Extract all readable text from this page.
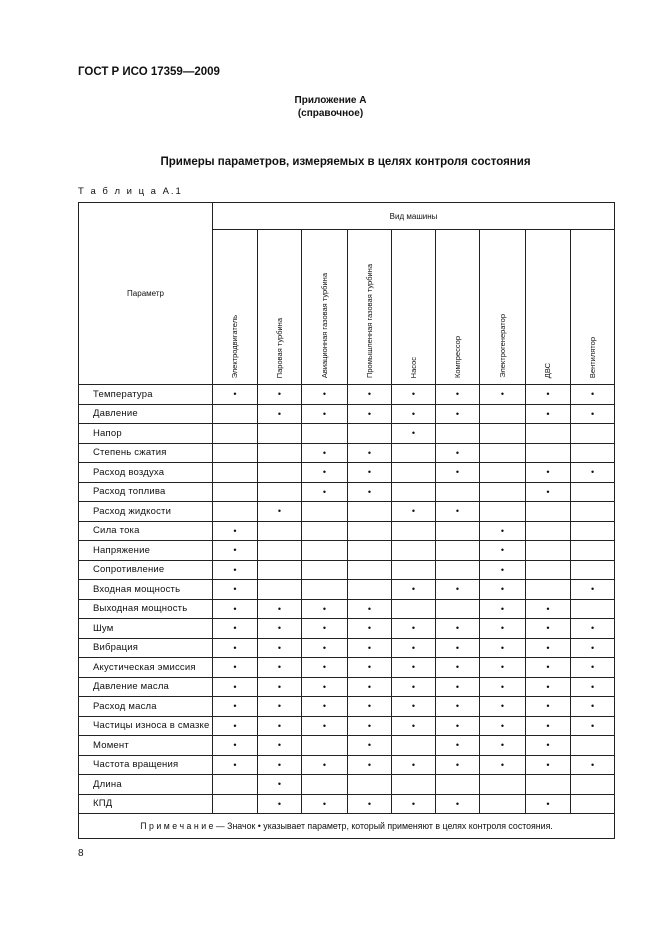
ГОСТ Р ИСО 17359—2009
Приложение А
(справочное)
Примеры параметров, измеряемых в целях контроля состояния
Т а б л и ц а А.1
Параметр	Вид машины								

	Электродвигатель	Паровая турбина	Авиационная газовая турбина	Промышленная газовая турбина	Насос	Компрессор	Электрогенератор	ДВС	Вентилятор

Температура	•	•	•	•	•	•	•	•	•
Давление		•	•	•	•	•		•	•
Напор					•				
Степень сжатия			•	•		•			
Расход воздуха			•	•		•		•	•
Расход топлива			•	•				•	
Расход жидкости		•			•	•			
Сила тока	•						•		
Напряжение	•						•		
Сопротивление	•						•		
Входная мощность	•				•	•	•		•
Выходная мощность	•	•	•	•			•	•	
Шум	•	•	•	•	•	•	•	•	•
Вибрация	•	•	•	•	•	•	•	•	•
Акустическая эмиссия	•	•	•	•	•	•	•	•	•
Давление масла	•	•	•	•	•	•	•	•	•
Расход масла	•	•	•	•	•	•	•	•	•
Частицы износа в смазке	•	•	•	•	•	•	•	•	•
Момент	•	•		•		•	•	•	
Частота вращения	•	•	•	•	•	•	•	•	•
Длина		•							
КПД		•	•	•	•	•		•	
П р и м е ч а н и е — Значок • указывает параметр, который применяют в целях контроля состояния.									
8
